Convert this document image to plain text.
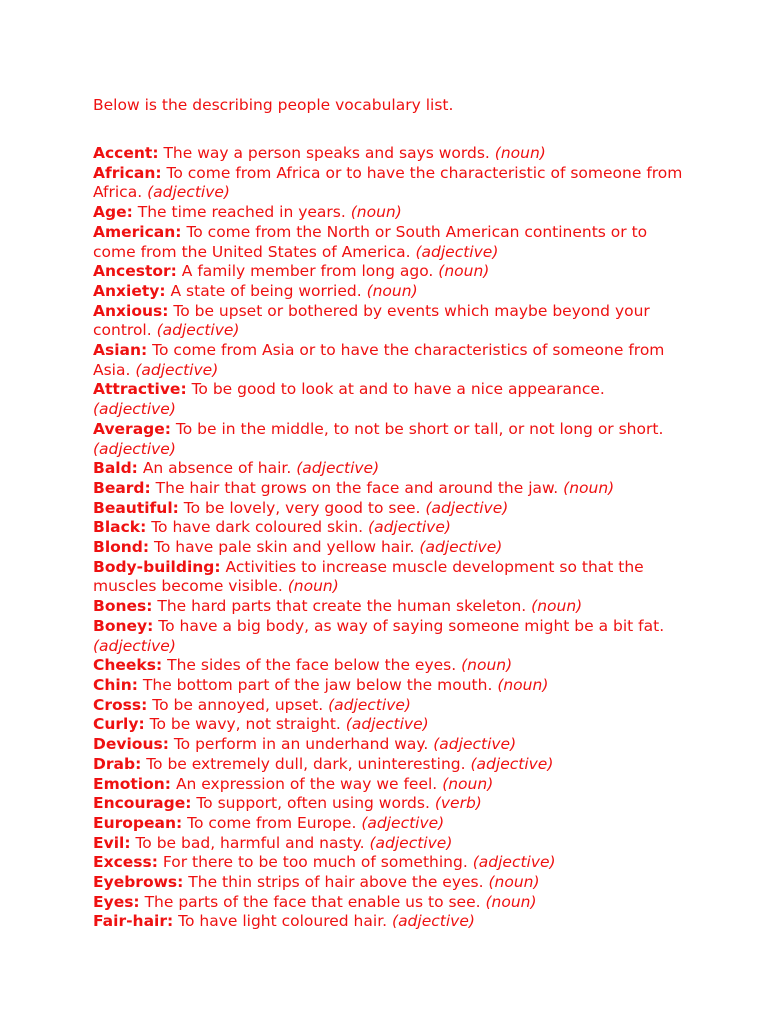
Below is the describing people vocabulary list.

Accent: The way a person speaks and says words. (noun)
African: To come from Africa or to have the characteristic of someone from Africa. (adjective)
Age: The time reached in years. (noun)
American: To come from the North or South American continents or to come from the United States of America. (adjective)
Ancestor: A family member from long ago. (noun)
Anxiety: A state of being worried. (noun)
Anxious: To be upset or bothered by events which maybe beyond your control. (adjective)
Asian: To come from Asia or to have the characteristics of someone from Asia. (adjective)
Attractive: To be good to look at and to have a nice appearance. (adjective)
Average: To be in the middle, to not be short or tall, or not long or short. (adjective)
Bald: An absence of hair. (adjective)
Beard: The hair that grows on the face and around the jaw. (noun)
Beautiful: To be lovely, very good to see. (adjective)
Black: To have dark coloured skin. (adjective)
Blond: To have pale skin and yellow hair. (adjective)
Body-building: Activities to increase muscle development so that the muscles become visible. (noun)
Bones: The hard parts that create the human skeleton. (noun)
Boney: To have a big body, as way of saying someone might be a bit fat. (adjective)
Cheeks: The sides of the face below the eyes. (noun)
Chin: The bottom part of the jaw below the mouth. (noun)
Cross: To be annoyed, upset. (adjective)
Curly: To be wavy, not straight. (adjective)
Devious: To perform in an underhand way. (adjective)
Drab: To be extremely dull, dark, uninteresting. (adjective)
Emotion: An expression of the way we feel. (noun)
Encourage: To support, often using words. (verb)
European: To come from Europe. (adjective)
Evil: To be bad, harmful and nasty. (adjective)
Excess: For there to be too much of something. (adjective)
Eyebrows: The thin strips of hair above the eyes. (noun)
Eyes: The parts of the face that enable us to see. (noun)
Fair-hair: To have light coloured hair. (adjective)
